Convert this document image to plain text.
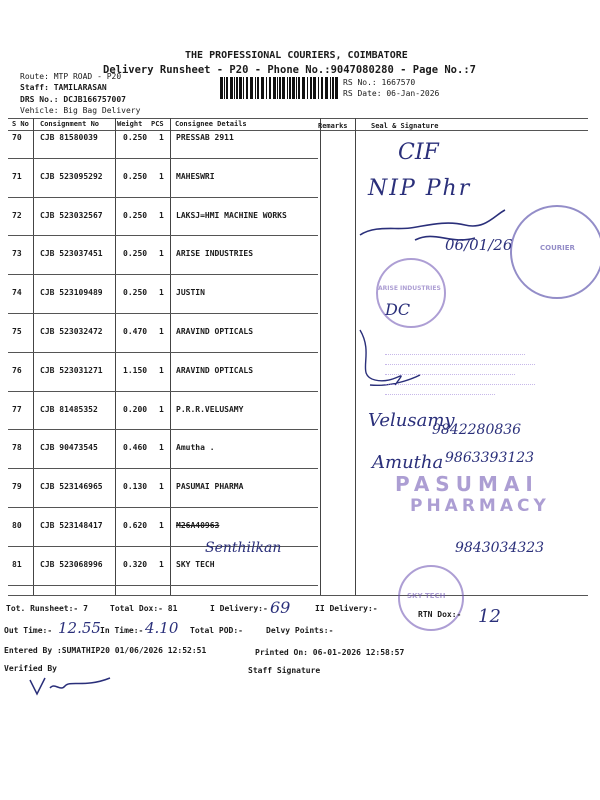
THE PROFESSIONAL COURIERS, COIMBATORE
Delivery Runsheet - P20 - Phone No.:9047080280 - Page No.:7
Route: MTP ROAD - P20
Staff: TAMILARASAN
DRS No.: DCJB166757007
Vehicle: Big Bag Delivery
RS No.: 1667570
RS Date: 06-Jan-2026
S No Consignment No	Weight PCS Consignee Details	Remarks	Seal & Signature
70 CJB 81580039	0.250 1 PRESSAB 2911
71 CJB 523095292	0.250 1 MAHESWRI
72 CJB 523032567	0.250 1 LAKSJ=HMI MACHINE WORKS
73 CJB 523037451	0.250 1 ARISE INDUSTRIES
74 CJB 523109489	0.250 1 JUSTIN
75 CJB 523032472	0.470 1 ARAVIND OPTICALS
76 CJB 523031271	1.150 1 ARAVIND OPTICALS
77 CJB 81485352	0.200 1 P.R.R.VELUSAMY
78 CJB 90473545	0.460 1 Amutha .
79 CJB 523146965	0.130 1 PASUMAI PHARMA
80 CJB 523148417	0.620 1 M26A40963
81 CJB 523068996	0.320 1 SKY TECH
CIF
NIP Phr
06/01/26
DC
Velusamy
9842280836
Amutha 9863393123
Senthilkan	9843034323
ARISE INDUSTRIES
COURIER
PASUMAI
PHARMACY
SKY TECH
Tot. Runsheet:- 7	Total Dox:- 81	I Delivery:- 69	II Delivery:-
RTN Dox:- 12
Out Time:- 12.55 In Time:- 4.10 Total POD:-	Delvy Points:-
Entered By :SUMATHIP20 01/06/2026 12:52:51	Printed On: 06-01-2026 12:58:57
Verified By	Staff Signature
